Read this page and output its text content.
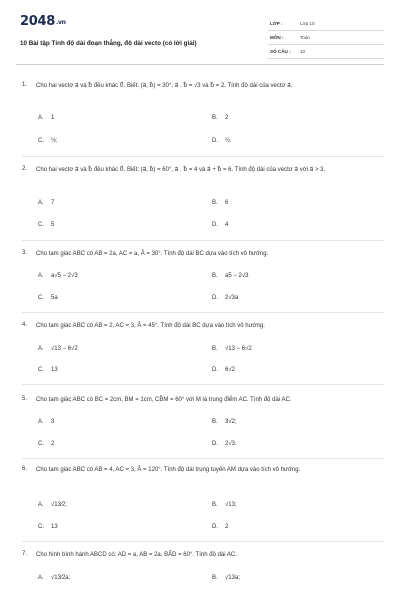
2048.vn
10 Bài tập Tính độ dài đoạn thẳng, độ dài vecto (có lời giải)
LỚP :	Lớp 10
MÔN :	Toán
SỐ CÂU : 10
1. Cho hai vectơ a⃗ và b⃗ đều khác 0⃗. Biết: (a⃗, b⃗) = 30°, a⃗ . b⃗ = √3 và b⃗ = 2. Tính độ dài của vectơ a⃗.
A. 1	B. 2
C. ½;	D. ½.
2. Cho hai vectơ a⃗ và b⃗ đều khác 0⃗. Biết: (a⃗, b⃗) = 60°, a⃗ . b⃗ = 4 và a⃗ + b⃗ = 6. Tính độ dài của vectơ a⃗ với a⃗ > 3.
A. 7	B. 6
C. 5	D. 4
3. Cho tam giác ABC có AB = 2a, AC = a, Â = 30°. Tính độ dài BC dựa vào tích vô hướng.
A. a√5 − 2√3	B. a5 − 2√3
C. 5a	D. 2√3a
4. Cho tam giác ABC có AB = 2, AC = 3, Â = 45°. Tính độ dài BC dựa vào tích vô hướng.
A. √13 − 6√2	B. √13 − 6√2
C. 13	D. 6√2
5. Cho tam giác ABC có BC = 2cm, BM = 1cm, CB̂M = 60° với M là trung điểm AC. Tính độ dài AC.
A. 3	B. 3√2;
C. 2	D. 2√3.
6. Cho tam giác ABC có AB = 4, AC = 3, Â = 120°. Tính độ dài trung tuyến AM dựa vào tích vô hướng.
A. √13⁄2;	B. √13;
C. 13	D. 2
7. Cho hình bình hành ABCD có: AD = a, AB = 2a, BÂD = 60°. Tính độ dài AC.
A. √13⁄2a;	B. √13a;
